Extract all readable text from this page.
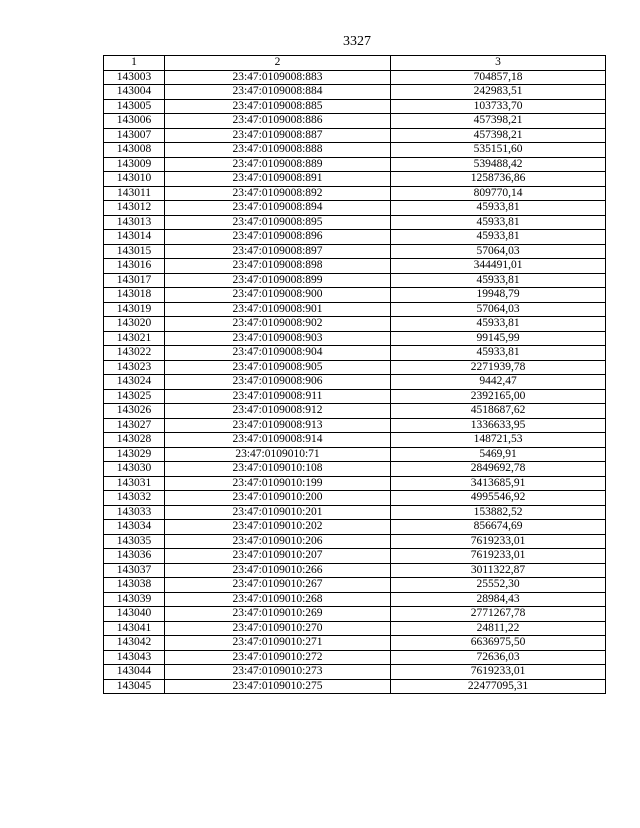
3327
1	2	3
143003	23:47:0109008:883	704857,18
143004	23:47:0109008:884	242983,51
143005	23:47:0109008:885	103733,70
143006	23:47:0109008:886	457398,21
143007	23:47:0109008:887	457398,21
143008	23:47:0109008:888	535151,60
143009	23:47:0109008:889	539488,42
143010	23:47:0109008:891	1258736,86
143011	23:47:0109008:892	809770,14
143012	23:47:0109008:894	45933,81
143013	23:47:0109008:895	45933,81
143014	23:47:0109008:896	45933,81
143015	23:47:0109008:897	57064,03
143016	23:47:0109008:898	344491,01
143017	23:47:0109008:899	45933,81
143018	23:47:0109008:900	19948,79
143019	23:47:0109008:901	57064,03
143020	23:47:0109008:902	45933,81
143021	23:47:0109008:903	99145,99
143022	23:47:0109008:904	45933,81
143023	23:47:0109008:905	2271939,78
143024	23:47:0109008:906	9442,47
143025	23:47:0109008:911	2392165,00
143026	23:47:0109008:912	4518687,62
143027	23:47:0109008:913	1336633,95
143028	23:47:0109008:914	148721,53
143029	23:47:0109010:71	5469,91
143030	23:47:0109010:108	2849692,78
143031	23:47:0109010:199	3413685,91
143032	23:47:0109010:200	4995546,92
143033	23:47:0109010:201	153882,52
143034	23:47:0109010:202	856674,69
143035	23:47:0109010:206	7619233,01
143036	23:47:0109010:207	7619233,01
143037	23:47:0109010:266	3011322,87
143038	23:47:0109010:267	25552,30
143039	23:47:0109010:268	28984,43
143040	23:47:0109010:269	2771267,78
143041	23:47:0109010:270	24811,22
143042	23:47:0109010:271	6636975,50
143043	23:47:0109010:272	72636,03
143044	23:47:0109010:273	7619233,01
143045	23:47:0109010:275	22477095,31
